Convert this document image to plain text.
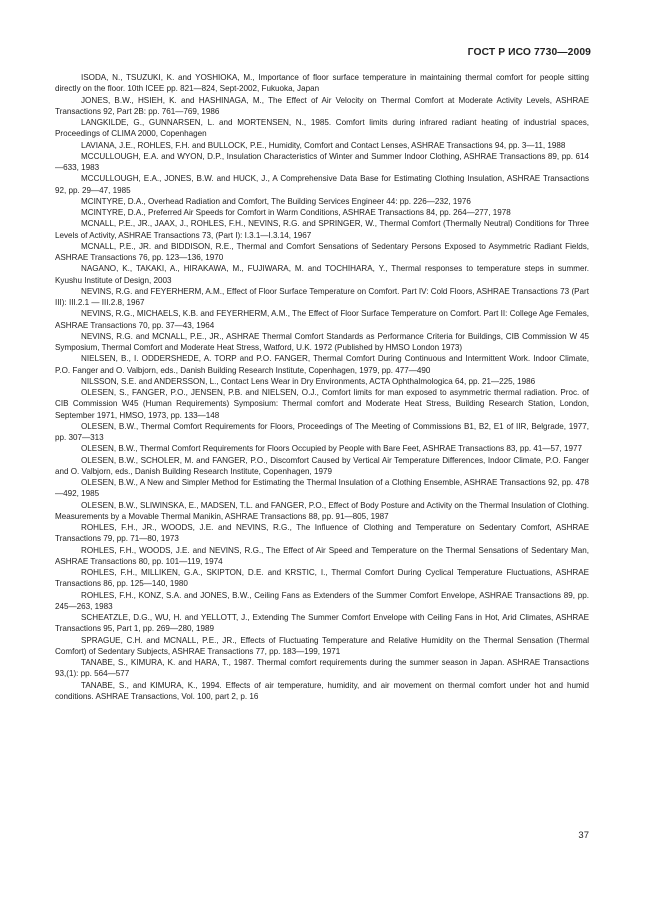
ГОСТ Р ИСО 7730—2009

ISODA, N., TSUZUKI, K. and YOSHIOKA, M., Importance of floor surface temperature in maintaining thermal comfort for people sitting directly on the floor. 10th ICEE pp. 821—824, Sept-2002, Fukuoka, Japan

JONES, B.W., HSIEH, K. and HASHINAGA, M., The Effect of Air Velocity on Thermal Comfort at Moderate Activity Levels, ASHRAE Transactions 92, Part 2B: pp. 761—769, 1986

LANGKILDE, G., GUNNARSEN, L. and MORTENSEN, N., 1985. Comfort limits during infrared radiant heating of industrial spaces, Proceedings of CLIMA 2000, Copenhagen

LAVIANA, J.E., ROHLES, F.H. and BULLOCK, P.E., Humidity, Comfort and Contact Lenses, ASHRAE Transactions 94, pp. 3—11, 1988

MCCULLOUGH, E.A. and WYON, D.P., Insulation Characteristics of Winter and Summer Indoor Clothing, ASHRAE Transactions 89, pp. 614—633, 1983

MCCULLOUGH, E.A., JONES, B.W. and HUCK, J., A Comprehensive Data Base for Estimating Clothing Insulation, ASHRAE Transactions 92, pp. 29—47, 1985

MCINTYRE, D.A., Overhead Radiation and Comfort, The Building Services Engineer 44: pp. 226—232, 1976

MCINTYRE, D.A., Preferred Air Speeds for Comfort in Warm Conditions, ASHRAE Transactions 84, pp. 264—277, 1978

MCNALL, P.E., JR., JAAX, J., ROHLES, F.H., NEVINS, R.G. and SPRINGER, W., Thermal Comfort (Thermally Neutral) Conditions for Three Levels of Activity, ASHRAE Transactions 73, (Part I): I.3.1—I.3.14, 1967

MCNALL, P.E., JR. and BIDDISON, R.E., Thermal and Comfort Sensations of Sedentary Persons Exposed to Asymmetric Radiant Fields, ASHRAE Transactions 76, pp. 123—136, 1970

NAGANO, K., TAKAKI, A., HIRAKAWA, M., FUJIWARA, M. and TOCHIHARA, Y., Thermal responses to temperature steps in summer. Kyushu Institute of Design, 2003

NEVINS, R.G. and FEYERHERM, A.M., Effect of Floor Surface Temperature on Comfort. Part IV: Cold Floors, ASHRAE Transactions 73 (Part III): III.2.1 — III.2.8, 1967

NEVINS, R.G., MICHAELS, K.B. and FEYERHERM, A.M., The Effect of Floor Surface Temperature on Comfort. Part II: College Age Females, ASHRAE Transactions 70, pp. 37—43, 1964

NEVINS, R.G. and MCNALL, P.E., JR., ASHRAE Thermal Comfort Standards as Performance Criteria for Buildings, CIB Commission W 45 Symposium, Thermal Comfort and Moderate Heat Stress, Watford, U.K. 1972 (Published by HMSO London 1973)

NIELSEN, B., I. ODDERSHEDE, A. TORP and P.O. FANGER, Thermal Comfort During Continuous and Intermittent Work. Indoor Climate, P.O. Fanger and O. Valbjorn, eds., Danish Building Research Institute, Copenhagen, 1979, pp. 477—490

NILSSON, S.E. and ANDERSSON, L., Contact Lens Wear in Dry Environments, ACTA Ophthalmologica 64, pp. 21—225, 1986

OLESEN, S., FANGER, P.O., JENSEN, P.B. and NIELSEN, O.J., Comfort limits for man exposed to asymmetric thermal radiation. Proc. of CIB Commission W45 (Human Requirements) Symposium: Thermal comfort and Moderate Heat Stress, Building Research Station, London, September 1971, HMSO, 1973, pp. 133—148

OLESEN, B.W., Thermal Comfort Requirements for Floors, Proceedings of The Meeting of Commissions B1, B2, E1 of IIR, Belgrade, 1977, pp. 307—313

OLESEN, B.W., Thermal Comfort Requirements for Floors Occupied by People with Bare Feet, ASHRAE Transactions 83, pp. 41—57, 1977

OLESEN, B.W., SCHOLER, M. and FANGER, P.O., Discomfort Caused by Vertical Air Temperature Differences, Indoor Climate, P.O. Fanger and O. Valbjorn, eds., Danish Building Research Institute, Copenhagen, 1979

OLESEN, B.W., A New and Simpler Method for Estimating the Thermal Insulation of a Clothing Ensemble, ASHRAE Transactions 92, pp. 478—492, 1985

OLESEN, B.W., SLIWINSKA, E., MADSEN, T.L. and FANGER, P.O., Effect of Body Posture and Activity on the Thermal Insulation of Clothing. Measurements by a Movable Thermal Manikin, ASHRAE Transactions 88, pp. 91—805, 1987

ROHLES, F.H., JR., WOODS, J.E. and NEVINS, R.G., The Influence of Clothing and Temperature on Sedentary Comfort, ASHRAE Transactions 79, pp. 71—80, 1973

ROHLES, F.H., WOODS, J.E. and NEVINS, R.G., The Effect of Air Speed and Temperature on the Thermal Sensations of Sedentary Man, ASHRAE Transactions 80, pp. 101—119, 1974

ROHLES, F.H., MILLIKEN, G.A., SKIPTON, D.E. and KRSTIC, I., Thermal Comfort During Cyclical Temperature Fluctuations, ASHRAE Transactions 86, pp. 125—140, 1980

ROHLES, F.H., KONZ, S.A. and JONES, B.W., Ceiling Fans as Extenders of the Summer Comfort Envelope, ASHRAE Transactions 89, pp. 245—263, 1983

SCHEATZLE, D.G., WU, H. and YELLOTT, J., Extending The Summer Comfort Envelope with Ceiling Fans in Hot, Arid Climates, ASHRAE Transactions 95, Part 1, pp. 269—280, 1989

SPRAGUE, C.H. and MCNALL, P.E., JR., Effects of Fluctuating Temperature and Relative Humidity on the Thermal Sensation (Thermal Comfort) of Sedentary Subjects, ASHRAE Transactions 77, pp. 183—199, 1971

TANABE, S., KIMURA, K. and HARA, T., 1987. Thermal comfort requirements during the summer season in Japan. ASHRAE Transactions 93,(1): pp. 564—577

TANABE, S., and KIMURA, K., 1994. Effects of air temperature, humidity, and air movement on thermal comfort under hot and humid conditions. ASHRAE Transactions, Vol. 100, part 2, p. 16

37
